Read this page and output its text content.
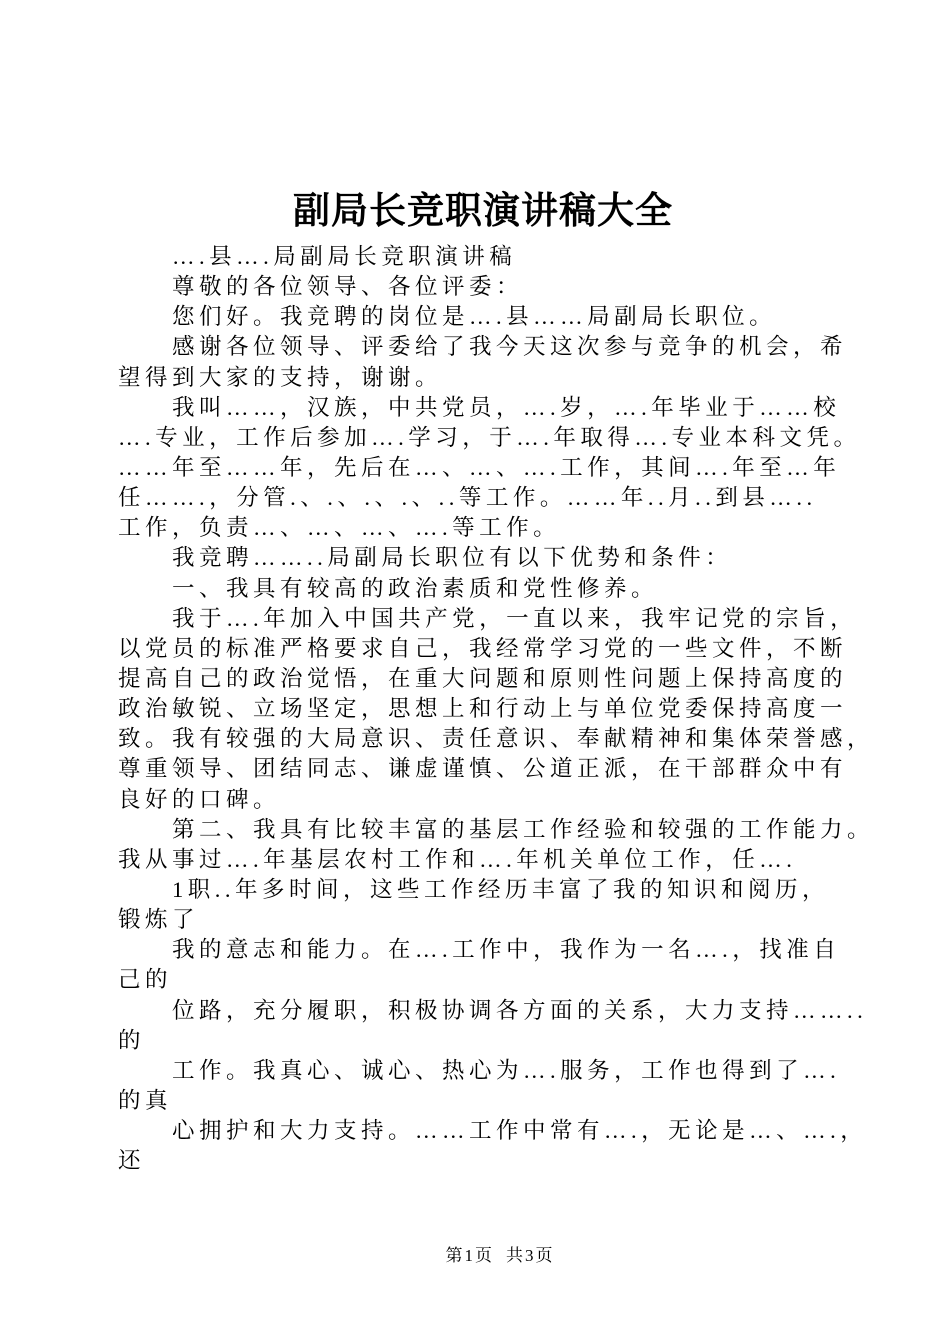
副局长竞职演讲稿大全
　　….县….局副局长竞职演讲稿
　　尊敬的各位领导、各位评委：
　　您们好。我竞聘的岗位是….县……局副局长职位。
　　感谢各位领导、评委给了我今天这次参与竞争的机会，希
望得到大家的支持，谢谢。
　　我叫……，汉族，中共党员，….岁，….年毕业于……校
….专业，工作后参加….学习，于….年取得….专业本科文凭。
……年至……年，先后在…、…、….工作，其间….年至…年
任…….，分管.、.、.、.、..等工作。……年..月..到县…..
工作，负责…、…、…、….等工作。
　　我竞聘……..局副局长职位有以下优势和条件：
　　一、我具有较高的政治素质和党性修养。
　　我于….年加入中国共产党，一直以来，我牢记党的宗旨，
以党员的标准严格要求自己，我经常学习党的一些文件，不断
提高自己的政治觉悟，在重大问题和原则性问题上保持高度的
政治敏锐、立场坚定，思想上和行动上与单位党委保持高度一
致。我有较强的大局意识、责任意识、奉献精神和集体荣誉感，
尊重领导、团结同志、谦虚谨慎、公道正派，在干部群众中有
良好的口碑。
　　第二、我具有比较丰富的基层工作经验和较强的工作能力。
我从事过….年基层农村工作和….年机关单位工作，任….
　　1职..年多时间，这些工作经历丰富了我的知识和阅历，
锻炼了
　　我的意志和能力。在….工作中，我作为一名….，找准自
己的
　　位路，充分履职，积极协调各方面的关系，大力支持……..
的
　　工作。我真心、诚心、热心为….服务，工作也得到了….
的真
　　心拥护和大力支持。……工作中常有….，无论是…、….，
还
第1页 共3页
